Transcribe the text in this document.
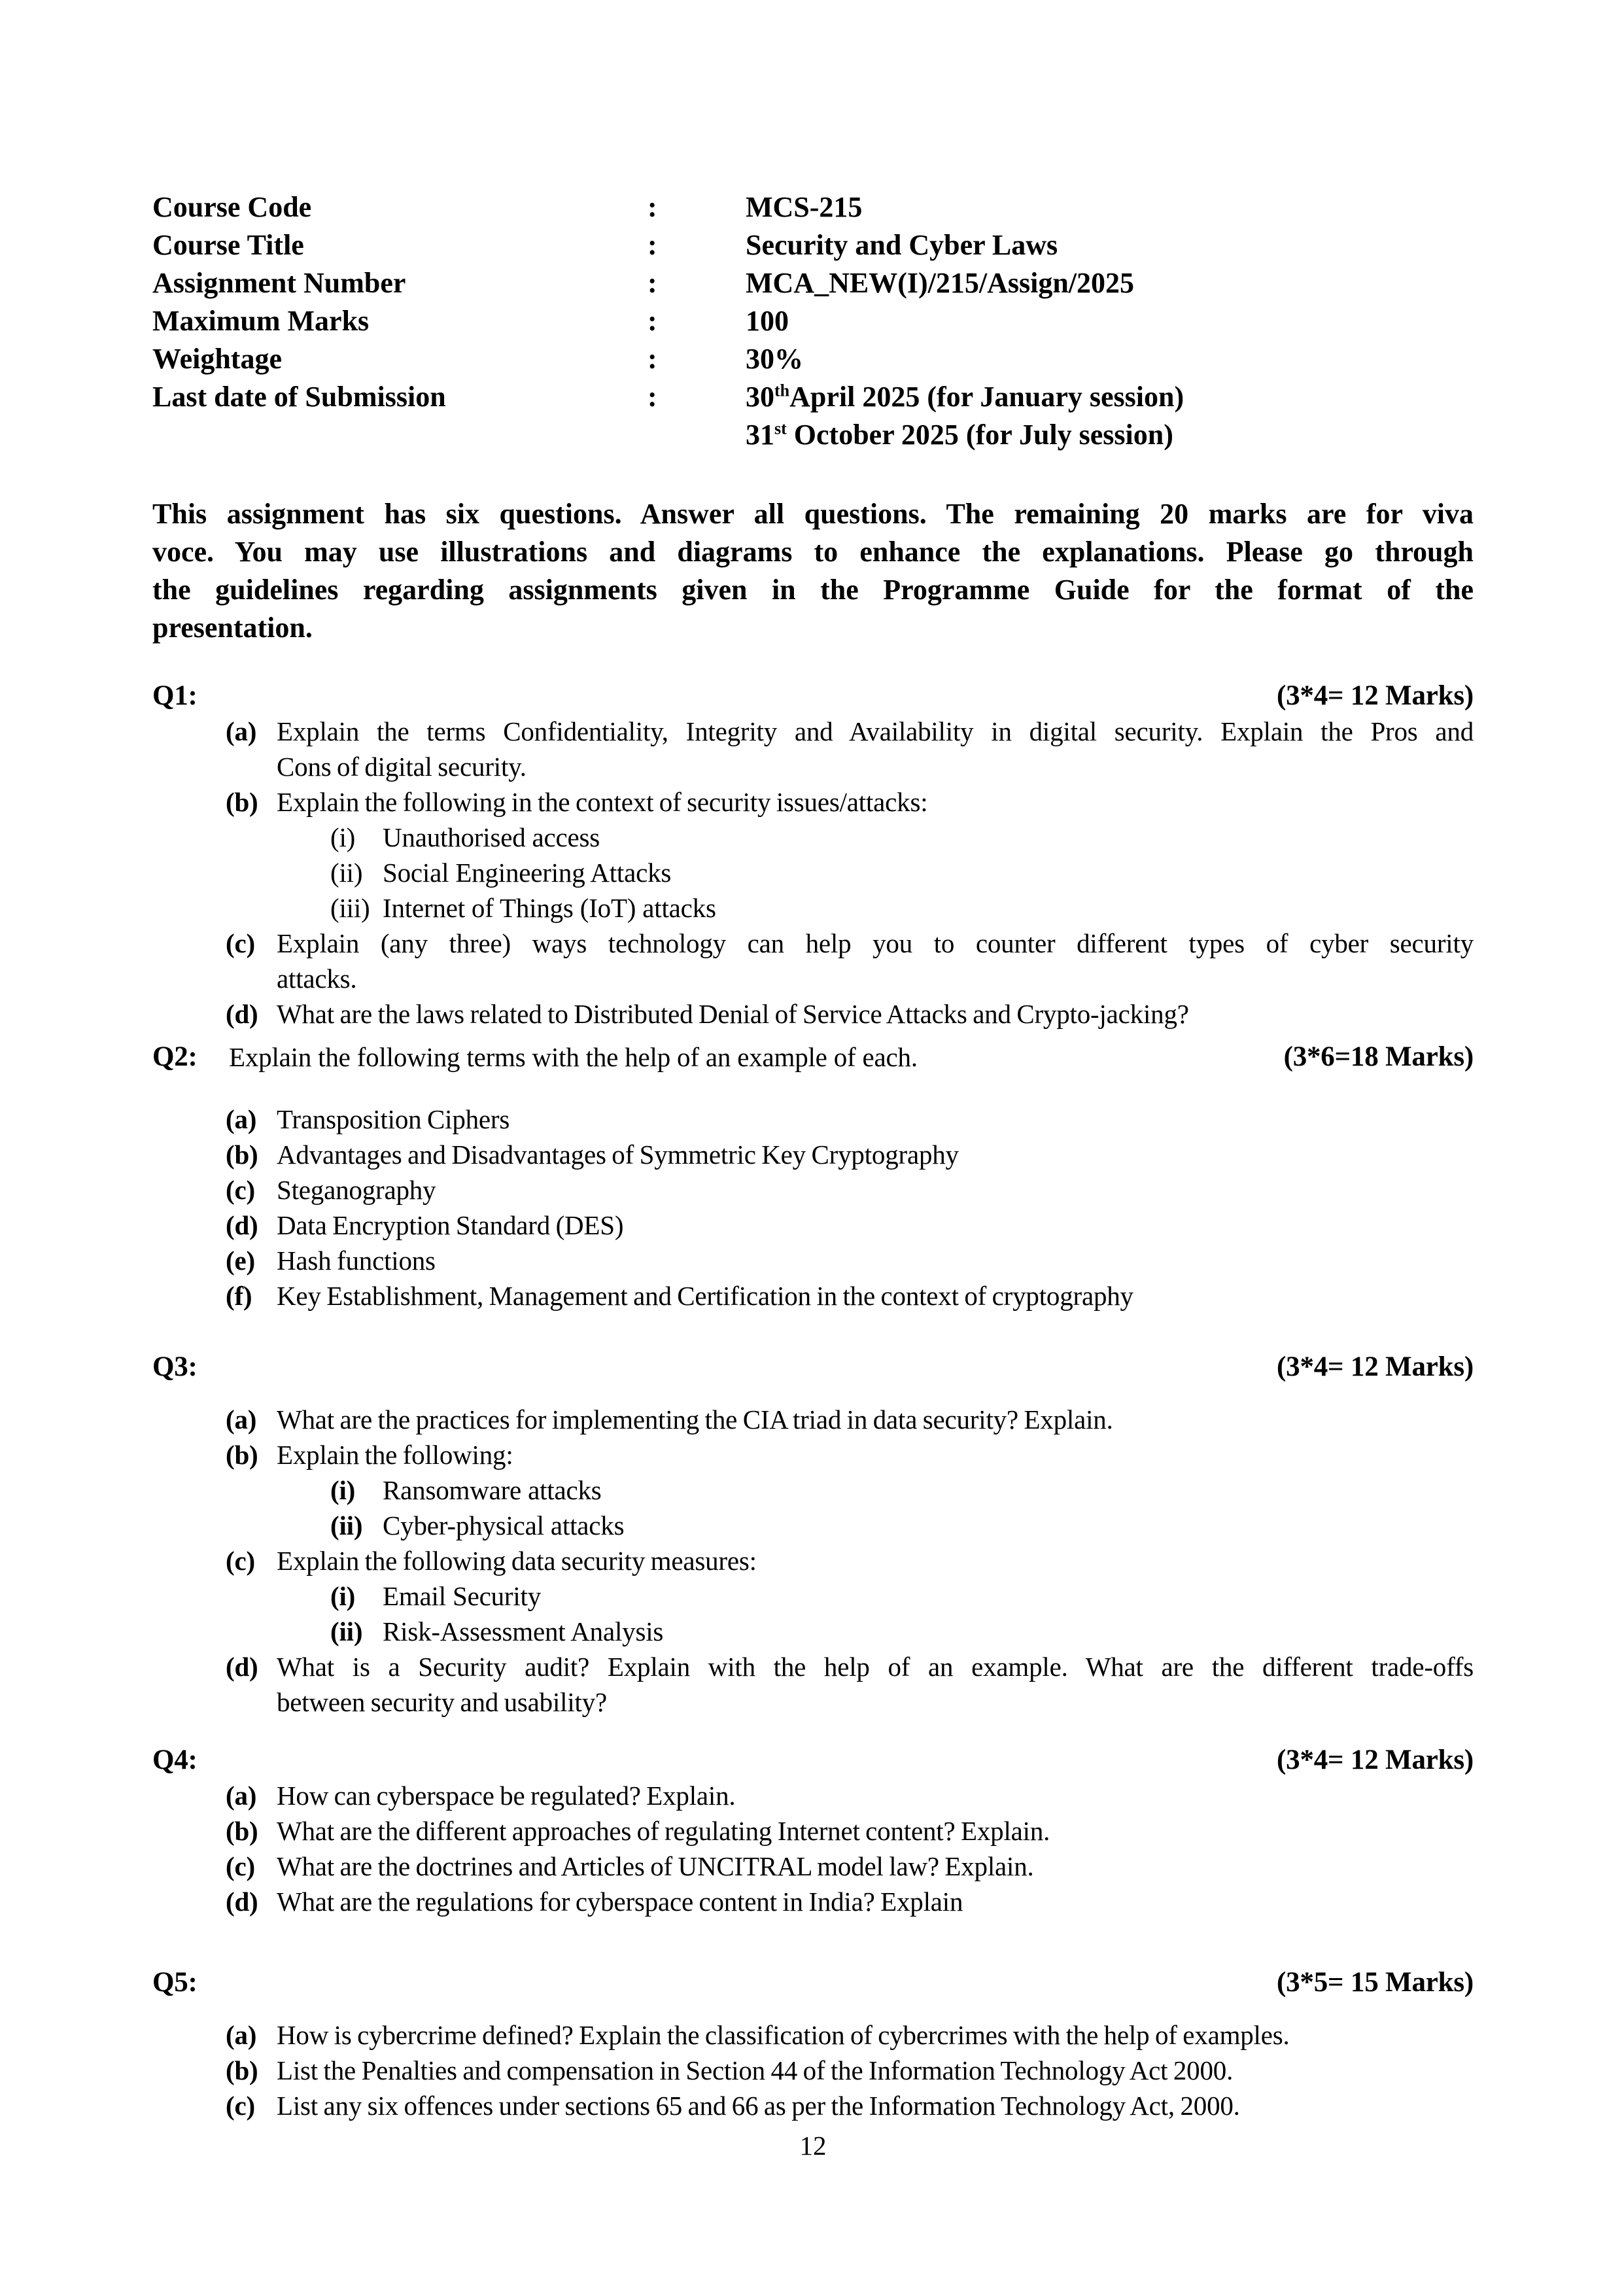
Course Code	:	MCS-215
Course Title	:	Security and Cyber Laws
Assignment Number	:	MCA_NEW(I)/215/Assign/2025
Maximum Marks	:	100
Weightage	:	30%
Last date of Submission	:	30thApril 2025 (for January session)
31st October 2025 (for July session)
This assignment has six questions. Answer all questions. The remaining 20 marks are for viva
voce. You may use illustrations and diagrams to enhance the explanations. Please go through
the guidelines regarding assignments given in the Programme Guide for the format of the
presentation.
Q1:	(3*4= 12 Marks)
(a) Explain the terms Confidentiality, Integrity and Availability in digital security. Explain the Pros and
Cons of digital security.
(b) Explain the following in the context of security issues/attacks:
(i) Unauthorised access
(ii) Social Engineering Attacks
(iii) Internet of Things (IoT) attacks
(c) Explain (any three) ways technology can help you to counter different types of cyber security
attacks.
(d) What are the laws related to Distributed Denial of Service Attacks and Crypto-jacking?
Q2: Explain the following terms with the help of an example of each.	(3*6=18 Marks)
(a) Transposition Ciphers
(b) Advantages and Disadvantages of Symmetric Key Cryptography
(c) Steganography
(d) Data Encryption Standard (DES)
(e) Hash functions
(f) Key Establishment, Management and Certification in the context of cryptography
Q3:	(3*4= 12 Marks)
(a) What are the practices for implementing the CIA triad in data security? Explain.
(b) Explain the following:
(i) Ransomware attacks
(ii) Cyber-physical attacks
(c) Explain the following data security measures:
(i) Email Security
(ii) Risk-Assessment Analysis
(d) What is a Security audit? Explain with the help of an example. What are the different trade-offs
between security and usability?
Q4:	(3*4= 12 Marks)
(a) How can cyberspace be regulated? Explain.
(b) What are the different approaches of regulating Internet content? Explain.
(c) What are the doctrines and Articles of UNCITRAL model law? Explain.
(d) What are the regulations for cyberspace content in India? Explain
Q5:	(3*5= 15 Marks)
(a) How is cybercrime defined? Explain the classification of cybercrimes with the help of examples.
(b) List the Penalties and compensation in Section 44 of the Information Technology Act 2000.
(c) List any six offences under sections 65 and 66 as per the Information Technology Act, 2000.
12
